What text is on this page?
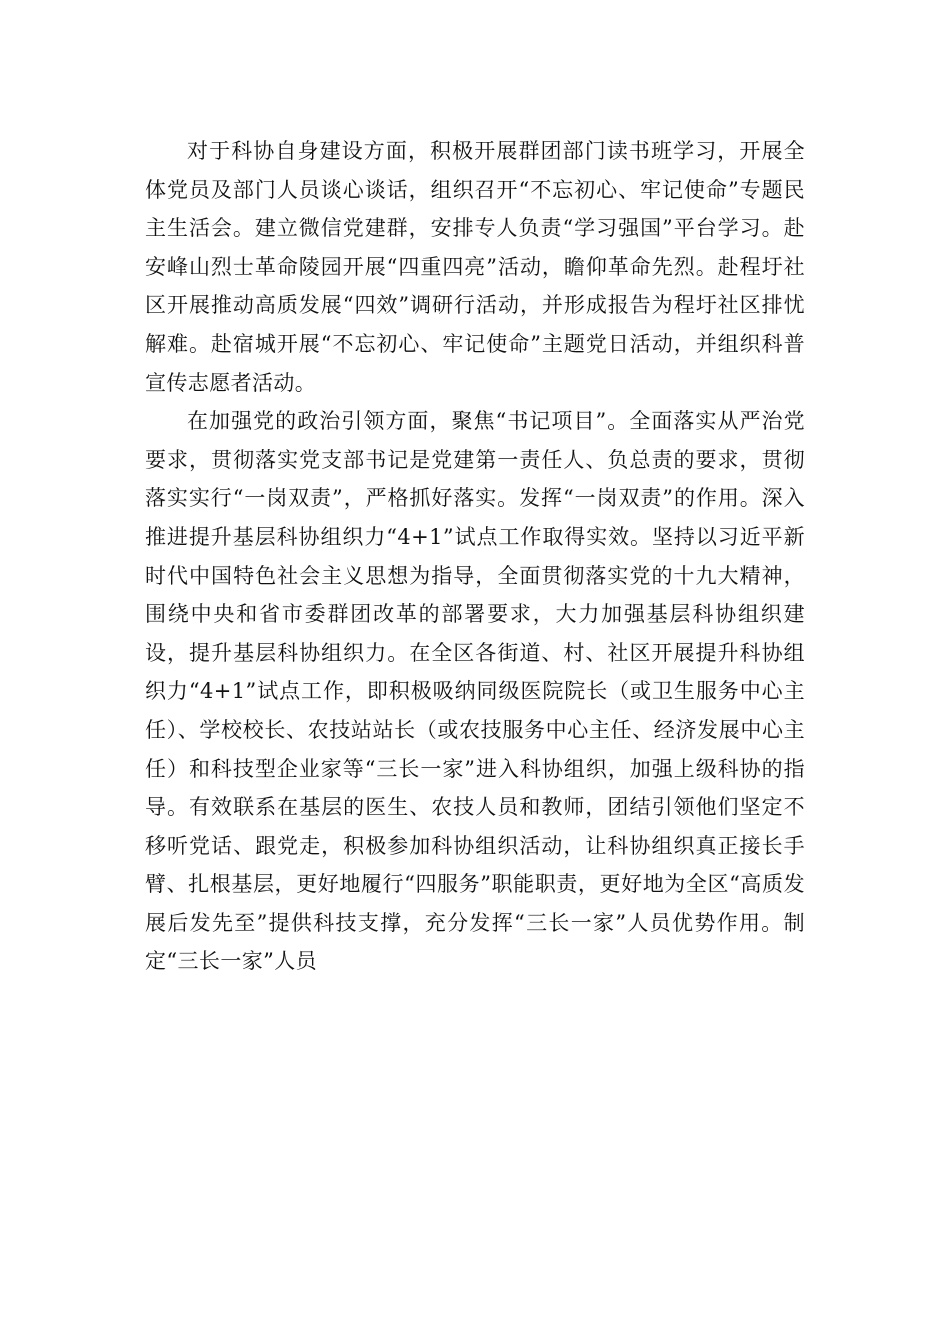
对于科协自身建设方面，积极开展群团部门读书班学习，开展全体党员及部门人员谈心谈话，组织召开“不忘初心、牢记使命”专题民主生活会。建立微信党建群，安排专人负责“学习强国”平台学习。赴安峰山烈士革命陵园开展“四重四亮”活动，瞻仰革命先烈。赴程圩社区开展推动高质发展“四效”调研行活动，并形成报告为程圩社区排忧解难。赴宿城开展“不忘初心、牢记使命”主题党日活动，并组织科普宣传志愿者活动。

在加强党的政治引领方面，聚焦“书记项目”。全面落实从严治党要求，贯彻落实党支部书记是党建第一责任人、负总责的要求，贯彻落实实行“一岗双责”，严格抓好落实。发挥“一岗双责”的作用。深入推进提升基层科协组织力“4+1”试点工作取得实效。坚持以习近平新时代中国特色社会主义思想为指导，全面贯彻落实党的十九大精神，围绕中央和省市委群团改革的部署要求，大力加强基层科协组织建设，提升基层科协组织力。在全区各街道、村、社区开展提升科协组织力“4+1”试点工作，即积极吸纳同级医院院长（或卫生服务中心主任）、学校校长、农技站站长（或农技服务中心主任、经济发展中心主任）和科技型企业家等“三长一家”进入科协组织，加强上级科协的指导。有效联系在基层的医生、农技人员和教师，团结引领他们坚定不移听党话、跟党走，积极参加科协组织活动，让科协组织真正接长手臂、扎根基层，更好地履行“四服务”职能职责，更好地为全区“高质发展后发先至”提供科技支撑，充分发挥“三长一家”人员优势作用。制定“三长一家”人员
